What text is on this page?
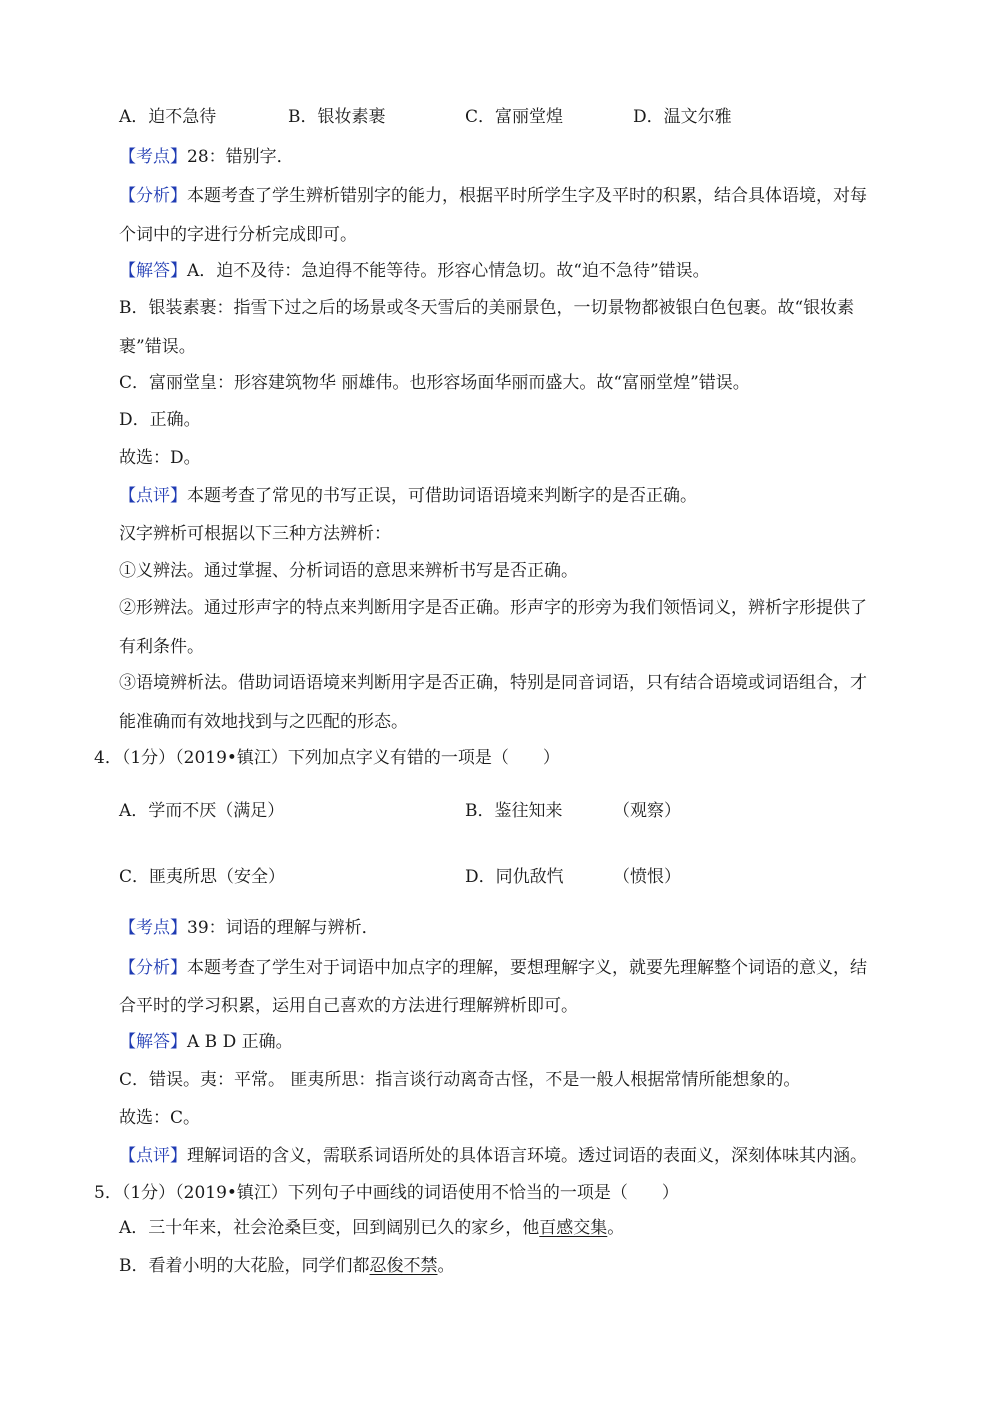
A．迫不急待	B．银妆素裹	C．富丽堂煌	D．温文尔雅
【考点】28：错别字．
【分析】本题考查了学生辨析错别字的能力，根据平时所学生字及平时的积累，结合具体语境，对每
个词中的字进行分析完成即可。
【解答】A．迫不及待：急迫得不能等待。形容心情急切。故“迫不急待”错误。
B．银装素裹：指雪下过之后的场景或冬天雪后的美丽景色，一切景物都被银白色包裹。故“银妆素
裹”错误。
C．富丽堂皇：形容建筑物华 丽雄伟。也形容场面华丽而盛大。故“富丽堂煌”错误。
D．正确。
故选：D。
【点评】本题考查了常见的书写正误，可借助词语语境来判断字的是否正确。
汉字辨析可根据以下三种方法辨析：
①义辨法。通过掌握、分析词语的意思来辨析书写是否正确。
②形辨法。通过形声字的特点来判断用字是否正确。形声字的形旁为我们领悟词义，辨析字形提供了
有利条件。
③语境辨析法。借助词语语境来判断用字是否正确，特别是同音词语，只有结合语境或词语组合，才
能准确而有效地找到与之匹配的形态。
4．（1分）（2019•镇江）下列加点字义有错的一项是（　　）
A．学而不厌（满足）	B．鉴往知来	（观察）
C．匪夷所思（安全）	D．同仇敌忾	（愤恨）
【考点】39：词语的理解与辨析．
【分析】本题考查了学生对于词语中加点字的理解，要想理解字义，就要先理解整个词语的意义，结
合平时的学习积累，运用自己喜欢的方法进行理解辨析即可。
【解答】A B D 正确。
C．错误。夷：平常。 匪夷所思：指言谈行动离奇古怪，不是一般人根据常情所能想象的。
故选：C。
【点评】理解词语的含义，需联系词语所处的具体语言环境。透过词语的表面义，深刻体味其内涵。
5．（1分）（2019•镇江）下列句子中画线的词语使用不恰当的一项是（　　）
A．三十年来，社会沧桑巨变，回到阔别已久的家乡，他百感交集。
B．看着小明的大花脸，同学们都忍俊不禁。
